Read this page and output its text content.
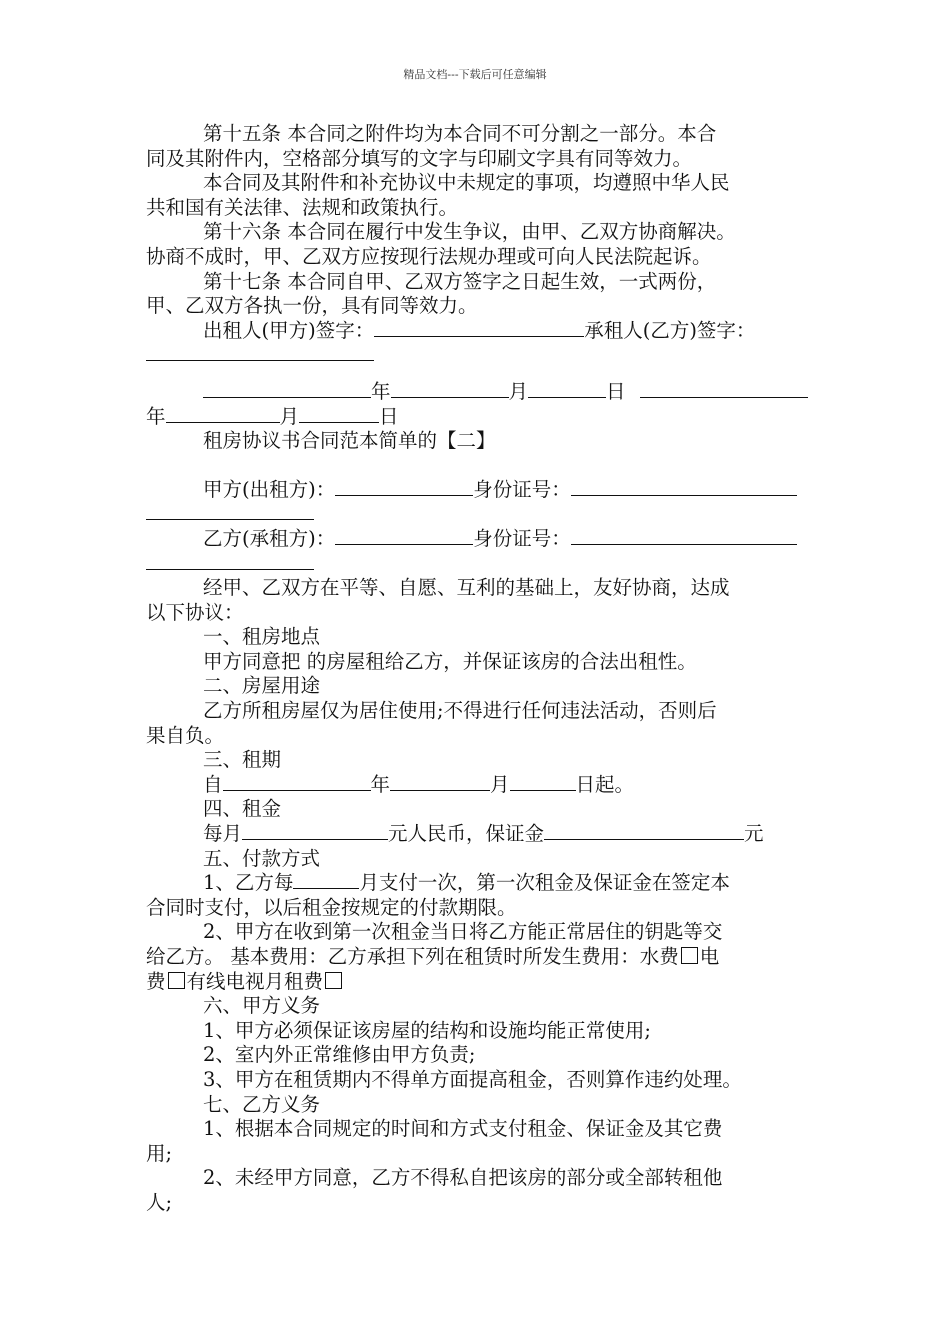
精品文档---下载后可任意编辑
第十五条 本合同之附件均为本合同不可分割之一部分。本合
同及其附件内，空格部分填写的文字与印刷文字具有同等效力。
本合同及其附件和补充协议中未规定的事项，均遵照中华人民
共和国有关法律、法规和政策执行。
第十六条 本合同在履行中发生争议，由甲、乙双方协商解决。
协商不成时，甲、乙双方应按现行法规办理或可向人民法院起诉。
第十七条 本合同自甲、乙双方签字之日起生效，一式两份，
甲、乙双方各执一份，具有同等效力。
出租人(甲方)签字：	承租人(乙方)签字：
年	月	日
年	月	日
租房协议书合同范本简单的【二】
甲方(出租方)：	身份证号：
乙方(承租方)：	身份证号：
经甲、乙双方在平等、自愿、互利的基础上，友好协商，达成
以下协议：
一、租房地点
甲方同意把 的房屋租给乙方，并保证该房的合法出租性。
二、房屋用途
乙方所租房屋仅为居住使用;不得进行任何违法活动，否则后
果自负。
三、租期
自	年	月	日起。
四、租金
每月	元人民币，保证金	元
五、付款方式
1、乙方每	月支付一次，第一次租金及保证金在签定本
合同时支付，以后租金按规定的付款期限。
2、甲方在收到第一次租金当日将乙方能正常居住的钥匙等交
给乙方。 基本费用：乙方承担下列在租赁时所发生费用：水费 电
费 有线电视月租费
六、甲方义务
1、甲方必须保证该房屋的结构和设施均能正常使用;
2、室内外正常维修由甲方负责;
3、甲方在租赁期内不得单方面提高租金，否则算作违约处理。
七、乙方义务
1、根据本合同规定的时间和方式支付租金、保证金及其它费
用;
2、未经甲方同意，乙方不得私自把该房的部分或全部转租他
人;
